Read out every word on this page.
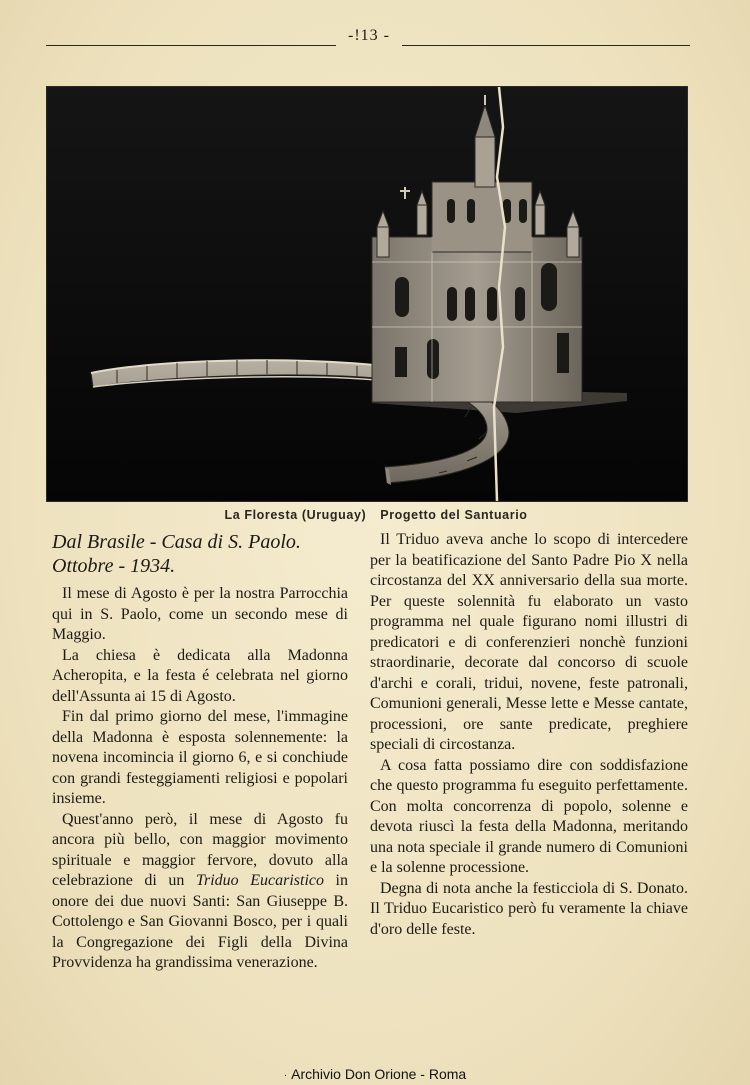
-!13 -
La Floresta (Uruguay) Progetto del Santuario
Dal Brasile - Casa di S. Paolo.
Ottobre - 1934.

Il mese di Agosto è per la nostra Parrocchia qui in S. Paolo, come un secondo mese di Maggio.

La chiesa è dedicata alla Madonna Acheropita, e la festa é celebrata nel giorno dell'Assunta ai 15 di Agosto.

Fin dal primo giorno del mese, l'immagine della Madonna è esposta solennemente: la novena incomincia il giorno 6, e si conchiude con grandi festeggiamenti religiosi e popolari insieme.

Quest'anno però, il mese di Agosto fu ancora più bello, con maggior movimento spirituale e maggior fervore, dovuto alla celebrazione di un Triduo Eucaristico in onore dei due nuovi Santi: San Giuseppe B. Cottolengo e San Giovanni Bosco, per i quali la Congregazione dei Figli della Divina Provvidenza ha grandissima venerazione.

Il Triduo aveva anche lo scopo di intercedere per la beatificazione del Santo Padre Pio X nella circostanza del XX anniversario della sua morte. Per queste solennità fu elaborato un vasto programma nel quale figurano nomi illustri di predicatori e di conferenzieri nonchè funzioni straordinarie, decorate dal concorso di scuole d'archi e corali, tridui, novene, feste patronali, Comunioni generali, Messe lette e Messe cantate, processioni, ore sante predicate, preghiere speciali di circostanza.

A cosa fatta possiamo dire con soddisfazione che questo programma fu eseguito perfettamente. Con molta concorrenza di popolo, solenne e devota riuscì la festa della Madonna, meritando una nota speciale il grande numero di Comunioni e la solenne processione.

Degna di nota anche la festicciola di S. Donato. Il Triduo Eucaristico però fu veramente la chiave d'oro delle feste.

· Archivio Don Orione - Roma
